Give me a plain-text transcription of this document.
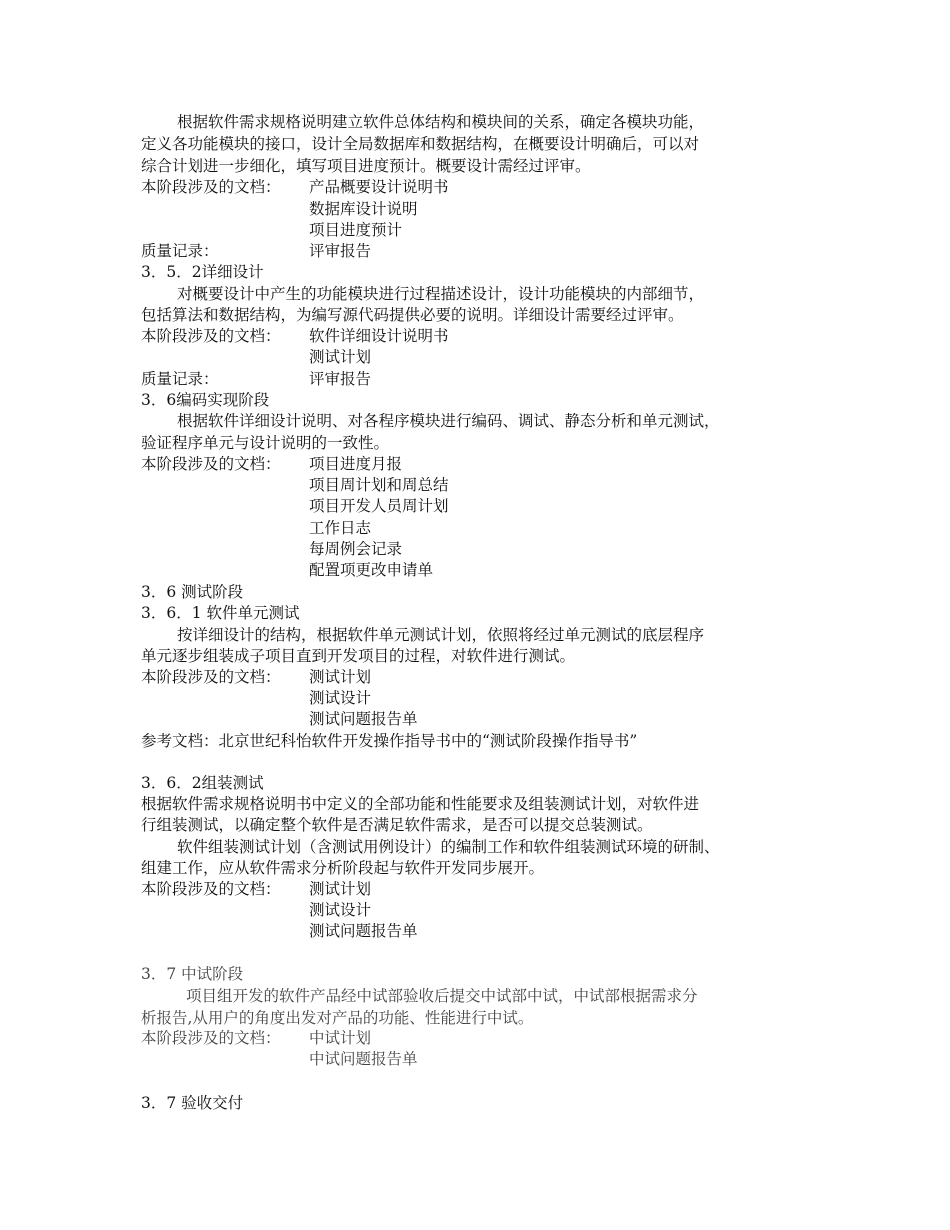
根据软件需求规格说明建立软件总体结构和模块间的关系，确定各模块功能，
定义各功能模块的接口，设计全局数据库和数据结构，在概要设计明确后，可以对
综合计划进一步细化，填写项目进度预计。概要设计需经过评审。
本阶段涉及的文档： 产品概要设计说明书
数据库设计说明
项目进度预计
质量记录：	评审报告
3．5．2详细设计
对概要设计中产生的功能模块进行过程描述设计，设计功能模块的内部细节，
包括算法和数据结构，为编写源代码提供必要的说明。详细设计需要经过评审。
本阶段涉及的文档： 软件详细设计说明书
测试计划
质量记录：	评审报告
3．6编码实现阶段
根据软件详细设计说明、对各程序模块进行编码、调试、静态分析和单元测试，
验证程序单元与设计说明的一致性。
本阶段涉及的文档： 项目进度月报
项目周计划和周总结
项目开发人员周计划
工作日志
每周例会记录
配置项更改申请单
3．6 测试阶段
3．6．1 软件单元测试
按详细设计的结构，根据软件单元测试计划，依照将经过单元测试的底层程序
单元逐步组装成子项目直到开发项目的过程，对软件进行测试。
本阶段涉及的文档： 测试计划
测试设计
测试问题报告单
参考文档：北京世纪科怡软件开发操作指导书中的“测试阶段操作指导书”
3．6．2组装测试
根据软件需求规格说明书中定义的全部功能和性能要求及组装测试计划，对软件进
行组装测试，以确定整个软件是否满足软件需求，是否可以提交总装测试。
软件组装测试计划（含测试用例设计）的编制工作和软件组装测试环境的研制、
组建工作，应从软件需求分析阶段起与软件开发同步展开。
本阶段涉及的文档： 测试计划
测试设计
测试问题报告单
3．7 中试阶段
项目组开发的软件产品经中试部验收后提交中试部中试，中试部根据需求分
析报告,从用户的角度出发对产品的功能、性能进行中试。
本阶段涉及的文档： 中试计划
中试问题报告单
3．7 验收交付
